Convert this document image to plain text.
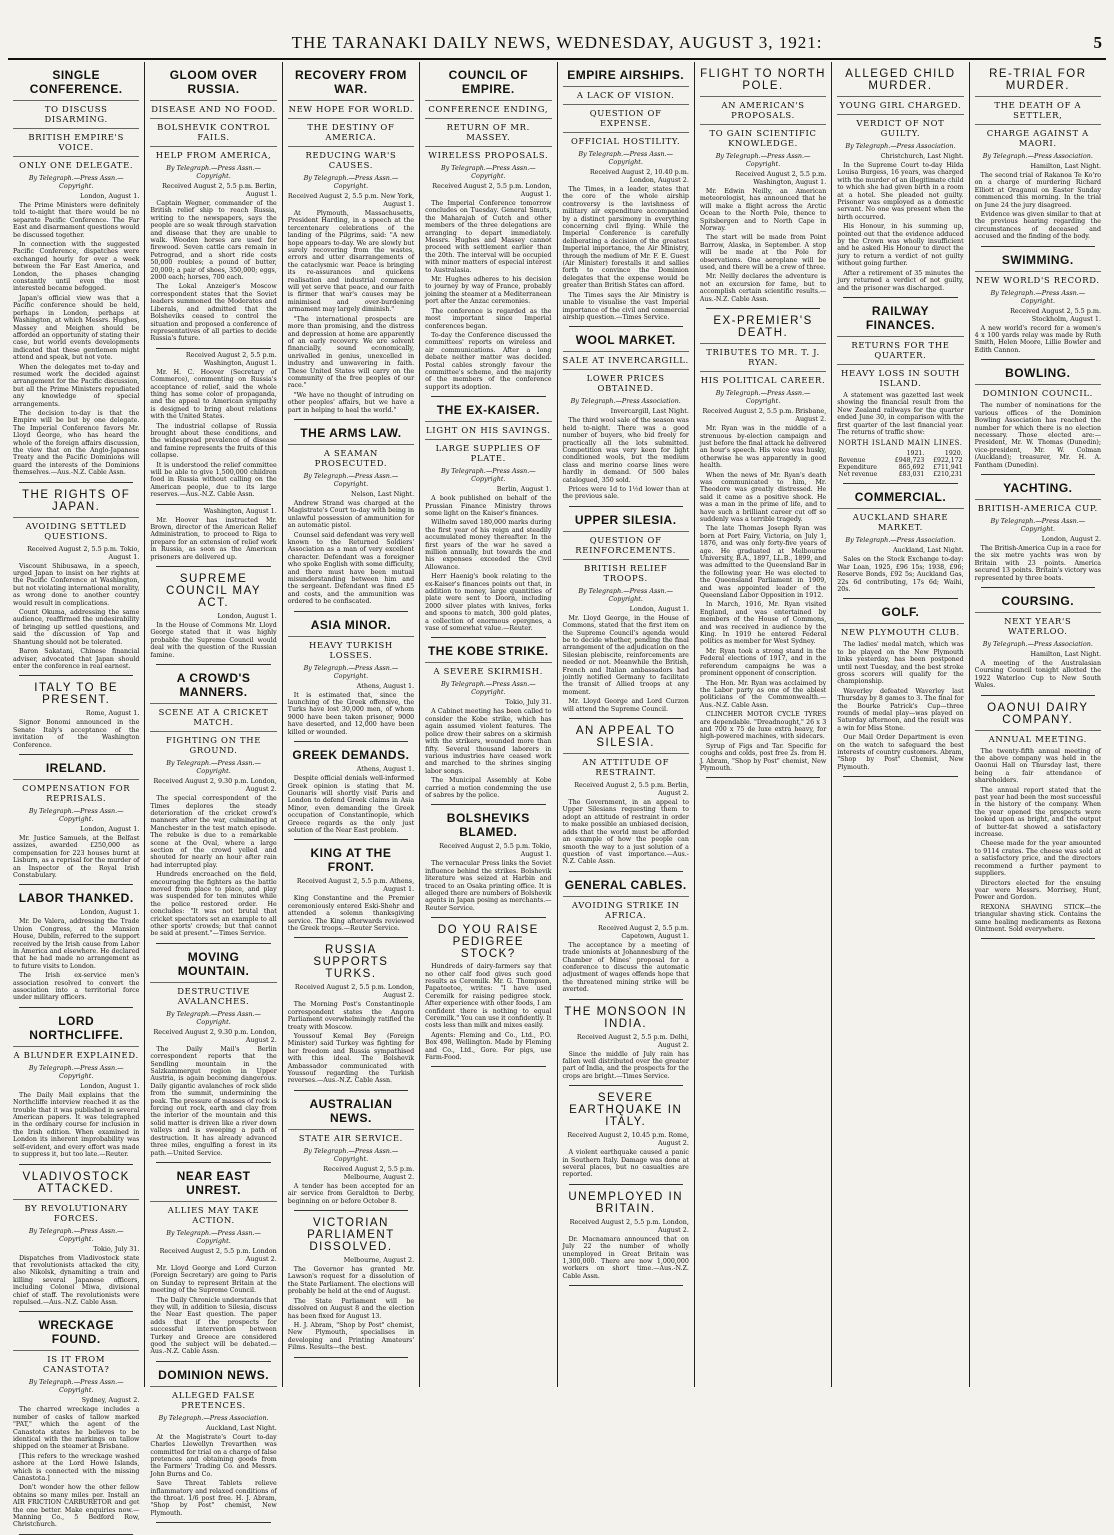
THE TARANAKI DAILY NEWS, WEDNESDAY, AUGUST 3, 1921:	5
SINGLE CONFERENCE.
TO DISCUSS DISARMING.
BRITISH EMPIRE'S VOICE.
ONLY ONE DELEGATE.
By Telegraph.—Press Assn.—Copyright.
London, August 1.

The Prime Ministers were definitely told to-night that there would be no separate Pacific Conference. The Far East and disarmament questions would be discussed together.

In connection with the suggested Pacific Conference, dispatches were exchanged hourly for over a week between the Far East America, and London, the phases changing constantly until even the most interested became befogged.

Japan's official view was that a Pacific conference should be held, perhaps in London, perhaps at Washington, at which Messrs. Hughes, Massey and Meighen should be afforded an opportunity of stating their case, but world events developments indicated that these gentlemen might attend and speak, but not vote.

When the delegates met to-day and resumed work the decided against arrangement for the Pacific discussion, but all the Prime Ministers repudiated any knowledge of special arrangements.

The decision to-day is that the Empire will be but by one delegate. The Imperial Conference favors Mr. Lloyd George, who has heard the whole of the foreign affairs discussion, the view that on the Anglo-Japanese Treaty and the Pacific Dominions will guard the interests of the Dominions themselves.—Aus.-N.Z. Cable Assn.

THE RIGHTS OF JAPAN.
AVOIDING SETTLED QUESTIONS.
Received August 2, 5.5 p.m. Tokio, August 1.

Viscount Shibusawa, in a speech, urged Japan to insist on her rights at the Pacific Conference at Washington, but not violating international morality, as wrong done to another country would result in complications.

Count Okuma, addressing the same audience, reaffirmed the undesirability of bringing up settled questions, and said the discussion of Yap and Shantung should not be tolerated.

Baron Sakatani, Chinese financial adviser, advocated that Japan should enter the conference in real earnest.

ITALY TO BE PRESENT.
Rome, August 1.

Signor Bonomi announced in the Senate Italy's acceptance of the invitation of the Washington Conference.

IRELAND.
COMPENSATION FOR REPRISALS.
By Telegraph.—Press Assn.—Copyright.
London, August 1.

Mr. Justice Samuels, at the Belfast assizes, awarded £250,000 as compensation for 223 houses burnt at Lisburn, as a reprisal for the murder of an Inspector of the Royal Irish Constabulary.

LABOR THANKED.
London, August 1.

Mr. De Valera, addressing the Trade Union Congress, at the Mansion House, Dublin, referred to the support received by the Irish cause from Labor in America and elsewhere. He declared that he had made no arrangement as to future visits to London.

The Irish ex-service men's association resolved to convert the association into a territorial force under military officers.

LORD NORTHCLIFFE.
A BLUNDER EXPLAINED.
By Telegraph.—Press Assn.—Copyright.
London, August 1.

The Daily Mail explains that the Northcliffe interview reached it as the trouble that it was published in several American papers. It was telegraphed in the ordinary course for inclusion in the Irish edition. When examined in London its inherent improbability was self-evident, and every effort was made to suppress it, but too late.—Reuter.

VLADIVOSTOCK ATTACKED.
BY REVOLUTIONARY FORCES.
By Telegraph.—Press Assn.—Copyright.
Tokio, July 31.

Dispatches from Vladivostock state that revolutionists attacked the city, also Nikolsk, dynamiting a train and killing several Japanese officers, including Colonel Miwa, divisional chief of staff. The revolutionists were repulsed.—Aus.-N.Z. Cable Assn.

WRECKAGE FOUND.
IS IT FROM CANASTOTA?
By Telegraph.—Press Assn.—Copyright.
Sydney, August 2.

The charred wreckage includes a number of casks of tallow marked "PAT," which the agent of the Canastota states he believes to be identical with the markings on tallow shipped on the steamer at Brisbane.

[This refers to the wreckage washed ashore at the Lord Howe Islands, which is connected with the missing Canastota.]

Don't wonder how the other fellow obtains so many miles per. Install an AIR FRICTION CARBURETOR and get the one better. Make enquiries now.—Manning Co., 5 Bedford Row, Christchurch.

GLOOM OVER RUSSIA.
DISEASE AND NO FOOD.
BOLSHEVIK CONTROL FAILS.
HELP FROM AMERICA,
By Telegraph.—Press Assn.—Copyright.
Received August 2, 5.5 p.m. Berlin, August 1.

Captain Wegner, commander of the British relief ship to reach Russia, writing to the newspapers, says the people are so weak through starvation and disease that they are unable to walk. Wooden horses are used for firewood. Seven cattle cars remain in Petrograd, and a short ride costs 50,000 roubles; a pound of butter, 20,000; a pair of shoes, 350,000; eggs, 2000 each; horses, 700 each.

The Lokal Anzeiger's Moscow correspondent states that the Soviet leaders summoned the Moderates and Liberals, and admitted that the Bolsheviks ceased to control the situation and proposed a conference of representatives of all parties to decide Russia's future.

Received August 2, 5.5 p.m. Washington, August 1.

Mr. H. C. Hoover (Secretary of Commerce), commenting on Russia's acceptance of relief, said the whole thing has some color of propaganda, and the appeal to American sympathy is designed to bring about relations with the United States.

The industrial collapse of Russia brought about these conditions, and the widespread prevalence of disease and famine represents the fruits of this collapse.

It is understood the relief committee will be able to give 1,500,000 children food in Russia without calling on the American people, due to its large reserves.—Aus.-N.Z. Cable Assn.

Washington, August 1.

Mr. Hoover has instructed Mr. Brown, director of the American Relief Administration, to proceed to Riga to prepare for an extension of relief work in Russia, as soon as the American prisoners are delivered up.

SUPREME COUNCIL MAY ACT.
London, August 1.

In the House of Commons Mr. Lloyd George stated that it was highly probable the Supreme Council would deal with the question of the Russian famine.

A CROWD'S MANNERS.
SCENE AT A CRICKET MATCH.
FIGHTING ON THE GROUND.
By Telegraph.—Press Assn.—Copyright.
Received August 2, 9.30 p.m. London, August 2.

The special correspondent of the Times deplores the steady deterioration of the cricket crowd's manners after the war, culminating at Manchester in the test match episode. The rebuke is due to a remarkable scene at the Oval, where a large section of the crowd yelled and shouted for nearly an hour after rain had interrupted play.

Hundreds encroached on the field, encouraging the fighters as the battle moved from place to place, and play was suspended for ten minutes while the police restored order. He concludes: "It was not brutal that cricket spectators set an example to all other sports' crowds; but that cannot be said at present."—Times Service.

MOVING MOUNTAIN.
DESTRUCTIVE AVALANCHES.
By Telegraph.—Press Assn.—Copyright.
Received August 2, 9.30 p.m. London, August 2.

The Daily Mail's Berlin correspondent reports that the Sendling mountain in the Salzkammergut region in Upper Austria, is again becoming dangerous. Daily gigantic avalanches of rock slide from the summit, undermining the peak. The pressure of masses of rock is forcing out rock, earth and clay from the interior of the mountain and this solid matter is driven like a river down valleys and is sweeping a path of destruction. It has already advanced three miles, engulfing a forest in its path.—United Service.

NEAR EAST UNREST.
ALLIES MAY TAKE ACTION.
By Telegraph.—Press Assn.—Copyright.
Received August 2, 5.5 p.m. London August 2.

Mr. Lloyd George and Lord Curzon (Foreign Secretary) are going to Paris on Sunday to represent Britain at the meeting of the Supreme Council.

The Daily Chronicle understands that they will, in addition to Silesia, discuss the Near East question. The paper adds that if the prospects for successful intervention between Turkey and Greece are considered good the subject will be debated.—Aus.-N.Z. Cable Assn.

DOMINION NEWS.
ALLEGED FALSE PRETENCES.
By Telegraph.—Press Association.
Auckland, Last Night.

At the Magistrate's Court to-day Charles Llewellyn Trevarthen was committed for trial on a charge of false pretences and obtaining goods from the Farmers' Trading Co. and Messrs. John Burns and Co.

Save Threat Tablets relieve inflammatory and relaxed conditions of the throat. 1/6 post free. H. J. Abram, "Shop by Post" chemist, New Plymouth.

RECOVERY FROM WAR.
NEW HOPE FOR WORLD.
THE DESTINY OF AMERICA.
REDUCING WAR'S CAUSES.
By Telegraph.—Press Assn.—Copyright.
Received August 2, 5.5 p.m. New York, August 1.

At Plymouth, Massachusetts, President Harding, in a speech at the tercentenary celebrations of the landing of the Pilgrims, said: "A new hope appears to-day. We are slowly but surely recovering from the wastes, errors and utter disarrangements of the cataclysmic war. Peace is bringing its re-assurances and quickens realisation and industrial commerce will yet serve that peace, and our faith is firmer that war's causes may be minimised and over-burdening armament may largely diminish."

"The international prospects are more than promising, and the distress and depression at home are apparently of an early recovery. We are solvent financially, sound economically, unrivalled in genius, unexcelled in industry and unwavering in faith. These United States will carry on the community of the free peoples of our race."

"We have no thought of intruding on other peoples' affairs, but we have a part in helping to heal the world."

THE ARMS LAW.
A SEAMAN PROSECUTED.
By Telegraph.—Press Assn.—Copyright.
Nelson, Last Night.

Andrew Strand was charged at the Magistrate's Court to-day with being in unlawful possession of ammunition for an automatic pistol.

Counsel said defendant was very well known to the Returned Soldiers' Association as a man of very excellent character. Defendant was a foreigner who spoke English with some difficulty, and there must have been mutual misunderstanding between him and the sergeant. Defendant was fined £5 and costs, and the ammunition was ordered to be confiscated.

ASIA MINOR.
HEAVY TURKISH LOSSES.
By Telegraph.—Press Assn.—Copyright.
Athens, August 1.

It is estimated that, since the launching of the Greek offensive, the Turks have lost 30,000 men, of whom 9000 have been taken prisoner, 9000 have deserted, and 12,000 have been killed or wounded.

GREEK DEMANDS.
Athens, August 1.

Despite official denials well-informed Greek opinion is stating that M. Gounaris will shortly visit Paris and London to defend Greek claims in Asia Minor, even demanding the Greek occupation of Constantinople, which Greece regards as the only just solution of the Near East problem.

KING AT THE FRONT.
Received August 2, 5.5 p.m. Athens, August 1.

King Constantine and the Premier ceremoniously entered Eski-Shehr and attended a solemn thanksgiving service. The King afterwards reviewed the Greek troops.—Reuter Service.

RUSSIA SUPPORTS TURKS.
Received August 2, 5.5 p.m. London, August 2.

The Morning Post's Constantinople correspondent states the Angora Parliament overwhelmingly ratified the treaty with Moscow.

Youssouf Kemal Bey (Foreign Minister) said Turkey was fighting for her freedom and Russia sympathised with this ideal. The Bolshevik Ambassador communicated with Youssouf regarding the Turkish reverses.—Aus.-N.Z. Cable Assn.

AUSTRALIAN NEWS.
STATE AIR SERVICE.
By Telegraph.—Press Assn.—Copyright.
Received August 2, 5.5 p.m. Melbourne, August 2.

A tender has been accepted for an air service from Geraldton to Derby, beginning on or before October 8.

VICTORIAN PARLIAMENT DISSOLVED.
Melbourne, August 2.

The Governor has granted Mr. Lawson's request for a dissolution of the State Parliament. The elections will probably be held at the end of August.

The State Parliament will be dissolved on August 8 and the election has been fixed for August 13.

H. J. Abram, "Shop by Post" chemist, New Plymouth, specialises in developing and Printing Amateurs' Films. Results—the best.

COUNCIL OF EMPIRE.
CONFERENCE ENDING,
RETURN OF MR. MASSEY.
WIRELESS PROPOSALS.
By Telegraph.—Press Assn.—Copyright.
Received August 2, 5.5 p.m. London, August 1.

The Imperial Conference tomorrow concludes on Tuesday. General Smuts, the Maharajah of Cutch and other members of the three delegations are arranging to depart immediately. Messrs. Hughes and Massey cannot proceed with settlement earlier than the 20th. The interval will be occupied with minor matters of especial interest to Australasia.

Mr. Hughes adheres to his decision to journey by way of France, probably joining the steamer at a Mediterranean port after the Anzac ceremonies.

The conference is regarded as the most important since Imperial conferences began.

To-day the Conference discussed the committees' reports on wireless and air communications. After a long debate neither matter was decided. Postal cables strongly favour the committee's scheme, and the majority of the members of the conference support its adoption.

THE EX-KAISER.
LIGHT ON HIS SAVINGS.
LARGE SUPPLIES OF PLATE.
By Telegraph.—Press Assn.—Copyright.
Berlin, August 1.

A book published on behalf of the Prussian Finance Ministry throws some light on the Kaiser's finances.

Wilhelm saved 180,000 marks during the first year of his reign and steadily accumulated money thereafter. In the first years of the war he saved a million annually, but towards the end his expenses exceeded the Civil Allowance.

Herr Haenig's book relating to the ex-Kaiser's finances points out that, in addition to money, large quantities of plate were sent to Doorn, including 2000 silver plates with knives, forks and spoons to match, 300 gold plates, a collection of enormous epergnes, a vase of somewhat value.—Reuter.

THE KOBE STRIKE.
A SEVERE SKIRMISH.
By Telegraph.—Press Assn.—Copyright.
Tokio, July 31.

A Cabinet meeting has been called to consider the Kobe strike, which has again assumed violent features. The police drew their sabres on a skirmish with the strikers, wounded more than fifty. Several thousand laborers in various industries have ceased work and marched to the shrines singing labor songs.

The Municipal Assembly at Kobe carried a motion condemning the use of sabres by the police.

BOLSHEVIKS BLAMED.
Received August 2, 5.5 p.m. Tokio, August 1.

The vernacular Press links the Soviet influence behind the strikes. Bolshevik literature was seized at Harbin and traced to an Osaka printing office. It is alleged there are numbers of Bolshevik agents in Japan posing as merchants.—Reuter Service.

DO YOU RAISE PEDIGREE STOCK?

Hundreds of dairy-farmers say that no other calf food gives such good results as Ceremilk. Mr. G. Thompson, Papatoetoe, writes: "I have used Ceremilk for raising pedigree stock. After experience with other foods, I am confident there is nothing to equal Ceremilk." You can use it confidently. It costs less than milk and mixes easily.

Agents: Fleming and Co., Ltd., P.O. Box 498, Wellington. Made by Fleming and Co., Ltd., Gore. For pigs, use Farm-Food.

EMPIRE AIRSHIPS.
A LACK OF VISION.
QUESTION OF EXPENSE.
OFFICIAL HOSTILITY.
By Telegraph.—Press Assn.—Copyright.
Received August 2, 10.40 p.m. London, August 2.

The Times, in a leader, states that the core of the whole airship controversy is the lavishness of military air expenditure accompanied by a distinct parsimony in everything concerning civil flying. While the Imperial Conference is carefully deliberating a decision of the greatest Imperial importance, the Air Ministry, through the medium of Mr. F. E. Guest (Air Minister) forestalls it and sallies forth to convince the Dominion delegates that the expense would be greater than British States can afford.

The Times says the Air Ministry is unable to visualise the vast Imperial importance of the civil and commercial airship question.—Times Service.

WOOL MARKET.
SALE AT INVERCARGILL.
LOWER PRICES OBTAINED.
By Telegraph.—Press Association.
Invercargill, Last Night.

The third wool sale of the season was held to-night. There was a good number of buyers, who bid freely for practically all the lots submitted. Competition was very keen for light conditioned wools, but the medium class and merino coarse lines were hardly in demand. Of 500 bales catalogued, 350 sold.

Prices were 1d to 1½d lower than at the previous sale.

UPPER SILESIA.
QUESTION OF REINFORCEMENTS.
BRITISH RELIEF TROOPS.
By Telegraph.—Press Assn.—Copyright.
London, August 1.

Mr. Lloyd George, in the House of Commons, stated that the first item on the Supreme Council's agenda would be to decide whether, pending the final arrangement of the adjudication on the Silesian plebiscite, reinforcements are needed or not. Meanwhile the British, French and Italian ambassadors had jointly notified Germany to facilitate the transit of Allied troops at any moment.

Mr. Lloyd George and Lord Curzon will attend the Supreme Council.

AN APPEAL TO SILESIA.
AN ATTITUDE OF RESTRAINT.
Received August 2, 5.5 p.m. Berlin, August 2.

The Government, in an appeal to Upper Silesians requesting them to adopt an attitude of restraint in order to make possible an unbiased decision, adds that the world must be afforded an example of how the people can smooth the way to a just solution of a question of vast importance.—Aus.-N.Z. Cable Assn.

GENERAL CABLES.
AVOIDING STRIKE IN AFRICA.
Received August 2, 5.5 p.m. Capetown, August 1.

The acceptance by a meeting of trade unionists at Johannesburg of the Chamber of Mines' proposal for a conference to discuss the automatic adjustment of wages offends hope that the threatened mining strike will be averted.

THE MONSOON IN INDIA.
Received August 2, 5.5 p.m. Delhi, August 2.

Since the middle of July rain has fallen well distributed over the greater part of India, and the prospects for the crops are bright.—Times Service.

SEVERE EARTHQUAKE IN ITALY.
Received August 2, 10.45 p.m. Rome, August 2.

A violent earthquake caused a panic in Southern Italy. Damage was done at several places, but no casualties are reported.

UNEMPLOYED IN BRITAIN.
Received August 2, 5.5 p.m. London, August 2.

Dr. Macnamara announced that on July 22 the number of wholly unemployed in Great Britain was 1,300,000. There are now 1,000,000 workers on short time.—Aus.-N.Z. Cable Assn.

FLIGHT TO NORTH POLE.
AN AMERICAN'S PROPOSALS.
TO GAIN SCIENTIFIC KNOWLEDGE.
By Telegraph.—Press Assn.—Copyright.
Received August 2, 5.5 p.m. Washington, August 1.

Mr. Edwin Neilly, an American meteorologist, has announced that he will make a flight across the Arctic Ocean to the North Pole, thence to Spitsbergen and to North Cape in Norway.

The start will be made from Point Barrow, Alaska, in September. A stop will be made at the Pole for observations. One aeroplane will be used, and there will be a crew of three.

Mr. Neilly declares the adventure is not an excursion for fame, but to accomplish certain scientific results.—Aus.-N.Z. Cable Assn.

EX-PREMIER'S DEATH.
TRIBUTES TO MR. T. J. RYAN.
HIS POLITICAL CAREER.
By Telegraph.—Press Assn.—Copyright.
Received August 2, 5.5 p.m. Brisbane, August 2.

Mr. Ryan was in the middle of a strenuous by-election campaign and just before the final attack he delivered an hour's speech. His voice was husky, otherwise he was apparently in good health.

When the news of Mr. Ryan's death was communicated to him, Mr. Theodore was greatly distressed. He said it came as a positive shock. He was a man in the prime of life, and to have such a brilliant career cut off so suddenly was a terrible tragedy.

The late Thomas Joseph Ryan was born at Port Fairy, Victoria, on July 1, 1876, and was only forty-five years of age. He graduated at Melbourne University, B.A., 1897, LL.B., 1899, and was admitted to the Queensland Bar in the following year. He was elected to the Queensland Parliament in 1909, and was appointed leader of the Queensland Labor Opposition in 1912.

In March, 1916, Mr. Ryan visited England, and was entertained by members of the House of Commons, and was received in audience by the King. In 1919 he entered Federal politics as member for West Sydney.

Mr. Ryan took a strong stand in the Federal elections of 1917, and in the referendum campaigns he was a prominent opponent of conscription.

The Hon. Mr. Ryan was acclaimed by the Labor party as one of the ablest politicians of the Commonwealth.—Aus.-N.Z. Cable Assn.

CLINCHER MOTOR CYCLE TYRES are dependable. "Dreadnought," 26 x 3 and 700 x 75 de luxe extra heavy, for high-powered machines, with sidecars.

Syrup of Figs and Tar. Specific for coughs and colds, post free 2s. from H. J. Abram, "Shop by Post" chemist, New Plymouth.

ALLEGED CHILD MURDER.
YOUNG GIRL CHARGED.
VERDICT OF NOT GUILTY.
By Telegraph.—Press Association.
Christchurch, Last Night.

In the Supreme Court to-day Hilda Louisa Burgess, 16 years, was charged with the murder of an illegitimate child to which she had given birth in a room at a hotel. She pleaded not guilty. Prisoner was employed as a domestic servant. No one was present when the birth occurred.

His Honour, in his summing up, pointed out that the evidence adduced by the Crown was wholly insufficient and he asked His Honour to direct the jury to return a verdict of not guilty without going further.

After a retirement of 35 minutes the jury returned a verdict of not guilty, and the prisoner was discharged.

RAILWAY FINANCES.
RETURNS FOR THE QUARTER.
HEAVY LOSS IN SOUTH ISLAND.

A statement was gazetted last week showing the financial result from the New Zealand railways for the quarter ended June 30, in comparison with the first quarter of the last financial year. The returns of traffic show:

NORTH ISLAND MAIN LINES.
	1921.	1920.
Revenue	£948,723	£922,172
Expenditure	865,692	£711,941
Net revenue	£83,031	£210,231
COMMERCIAL.
AUCKLAND SHARE MARKET.
By Telegraph.—Press Association.
Auckland, Last Night.

Sales on the Stock Exchange to-day: War Loan, 1925, £96 15s; 1938, £96; Reserve Bonds, £92 5s; Auckland Gas, 22s 6d contributing, 17s 6d; Waihi, 20s.

GOLF.
NEW PLYMOUTH CLUB.

The ladies' medal match, which was to be played on the New Plymouth links yesterday, has been postponed until next Tuesday, and the best stroke gross scorers will qualify for the championship.

Waverley defeated Waverley last Thursday by 8 games to 3. The final for the Bourke Patrick's Cup—three rounds of medal play—was played on Saturday afternoon, and the result was a win for Miss Stone.

Our Mail Order Department is even on the watch to safeguard the best interests of country customers. Abram, "Shop by Post" Chemist, New Plymouth.

RE-TRIAL FOR MURDER.
THE DEATH OF A SETTLER,
CHARGE AGAINST A MAORI.
By Telegraph.—Press Association.
Hamilton, Last Night.

The second trial of Rakanoa Te Ko'ro on a charge of murdering Richard Elliott at Oraganui on Easter Sunday commenced this morning. In the trial on June 24 the jury disagreed.

Evidence was given similar to that at the previous hearing regarding the circumstances of deceased and accused and the finding of the body.

SWIMMING.
NEW WORLD'S RECORD.
By Telegraph.—Press Assn.—Copyright.
Received August 2, 5.5 p.m. Stockholm, August 1.

A new world's record for a women's 4 x 100 yards relay was made by Ruth Smith, Helen Moore, Lillie Bowler and Edith Cannon.

BOWLING.
DOMINION COUNCIL.

The number of nominations for the various offices of the Dominion Bowling Association has reached the number for which there is no election necessary. Those elected are:—President, Mr. W. Thomas (Dunedin); vice-president, Mr. W. Colman (Auckland); treasurer, Mr. H. A. Fantham (Dunedin).

YACHTING.
BRITISH-AMERICA CUP.
By Telegraph.—Press Assn.—Copyright.
London, August 2.

The British-America Cup in a race for the six metre yachts was won by Britain with 23 points. America secured 13 points. Britain's victory was represented by three boats.

COURSING.
NEXT YEAR'S WATERLOO.
By Telegraph.—Press Association.
Hamilton, Last Night.

A meeting of the Australasian Coursing Council tonight allotted the 1922 Waterloo Cup to New South Wales.

OAONUI DAIRY COMPANY.
ANNUAL MEETING.

The twenty-fifth annual meeting of the above company was held in the Oaonui Hall on Thursday last, there being a fair attendance of shareholders.

The annual report stated that the past year had been the most successful in the history of the company. When the year opened the prospects were looked upon as bright, and the output of butter-fat showed a satisfactory increase.

Cheese made for the year amounted to 9114 crates. The cheese was sold at a satisfactory price, and the directors recommend a further payment to suppliers.

Directors elected for the ensuing year were Messrs. Morrisey, Hunt, Power and Gordon.

REXONA SHAVING STICK—the triangular shaving stick. Contains the same healing medicaments as Rexona Ointment. Sold everywhere.
